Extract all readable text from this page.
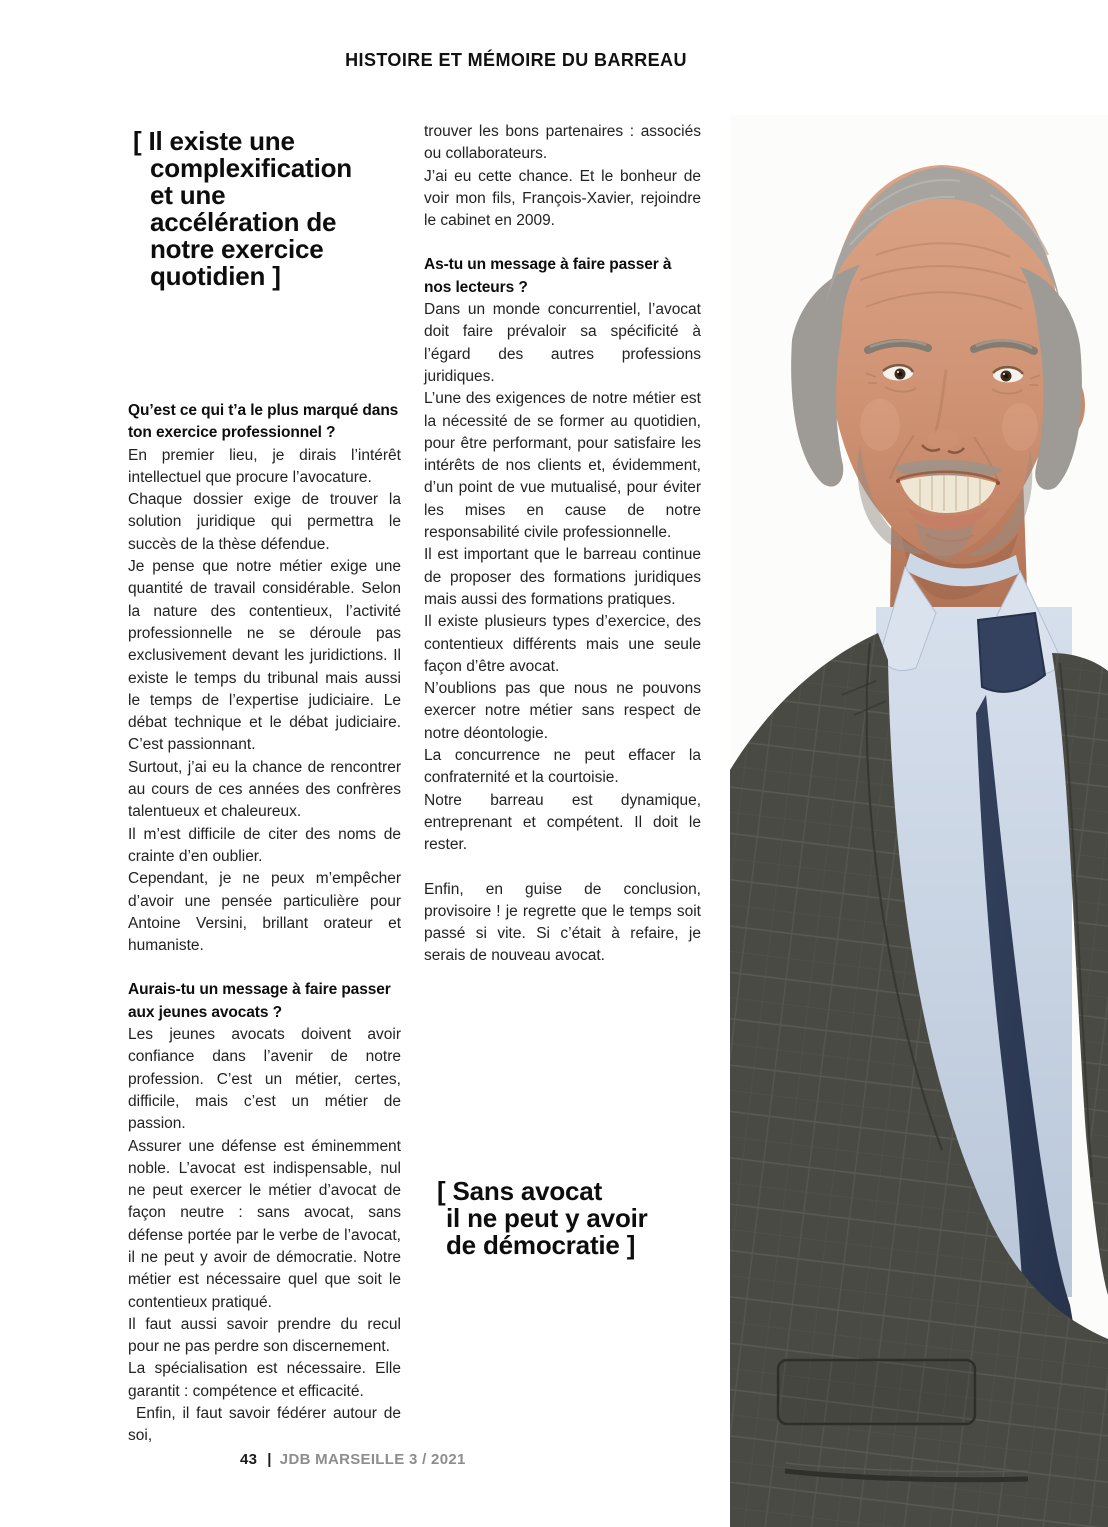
HISTOIRE ET MÉMOIRE DU BARREAU
[ Il existe une
complexification
et une
accélération de
notre exercice
quotidien ]
Qu’est ce qui t’a le plus marqué dans ton exercice professionnel ?

En premier lieu, je dirais l’intérêt intellectuel que procure l’avocature.

Chaque dossier exige de trouver la solution juridique qui permettra le succès de la thèse défendue.

Je pense que notre métier exige une quantité de travail considérable. Selon la nature des contentieux, l’activité professionnelle ne se déroule pas exclusivement devant les juridictions. Il existe le temps du tribunal mais aussi le temps de l’expertise judiciaire. Le débat technique et le débat judiciaire. C’est passionnant.

Surtout, j’ai eu la chance de rencontrer au cours de ces années des confrères talentueux et chaleureux.

Il m’est difficile de citer des noms de crainte d’en oublier.

Cependant, je ne peux m’empêcher d’avoir une pensée particulière pour Antoine Versini, brillant orateur et humaniste.

Aurais-tu un message à faire passer aux jeunes avocats ?

Les jeunes avocats doivent avoir confiance dans l’avenir de notre profession. C’est un métier, certes, difficile, mais c’est un métier de passion.

Assurer une défense est éminemment noble. L’avocat est indispensable, nul ne peut exercer le métier d’avocat de façon neutre : sans avocat, sans défense portée par le verbe de l’avocat, il ne peut y avoir de démocratie. Notre métier est nécessaire quel que soit le contentieux pratiqué.

Il faut aussi savoir prendre du recul pour ne pas perdre son discernement.

La spécialisation est nécessaire. Elle garantit : compétence et efficacité.

Enfin, il faut savoir fédérer autour de soi,

trouver les bons partenaires : associés ou collaborateurs.

J’ai eu cette chance. Et le bonheur de voir mon fils, François-Xavier, rejoindre le cabinet en 2009.

As-tu un message à faire passer à nos lecteurs ?

Dans un monde concurrentiel, l’avocat doit faire prévaloir sa spécificité à l’égard des autres professions juridiques.

L’une des exigences de notre métier est la nécessité de se former au quotidien, pour être performant, pour satisfaire les intérêts de nos clients et, évidemment, d’un point de vue mutualisé, pour éviter les mises en cause de notre responsabilité civile professionnelle.

Il est important que le barreau continue de proposer des formations juridiques mais aussi des formations pratiques.

Il existe plusieurs types d’exercice, des contentieux différents mais une seule façon d’être avocat.

N’oublions pas que nous ne pouvons exercer notre métier sans respect de notre déontologie.

La concurrence ne peut effacer la confraternité et la courtoisie.

Notre barreau est dynamique, entreprenant et compétent. Il doit le rester.

Enfin, en guise de conclusion, provisoire ! je regrette que le temps soit passé si vite. Si c’était à refaire, je serais de nouveau avocat.

[ Sans avocat
il ne peut y avoir
de démocratie ]
43 | JDB MARSEILLE 3 / 2021
